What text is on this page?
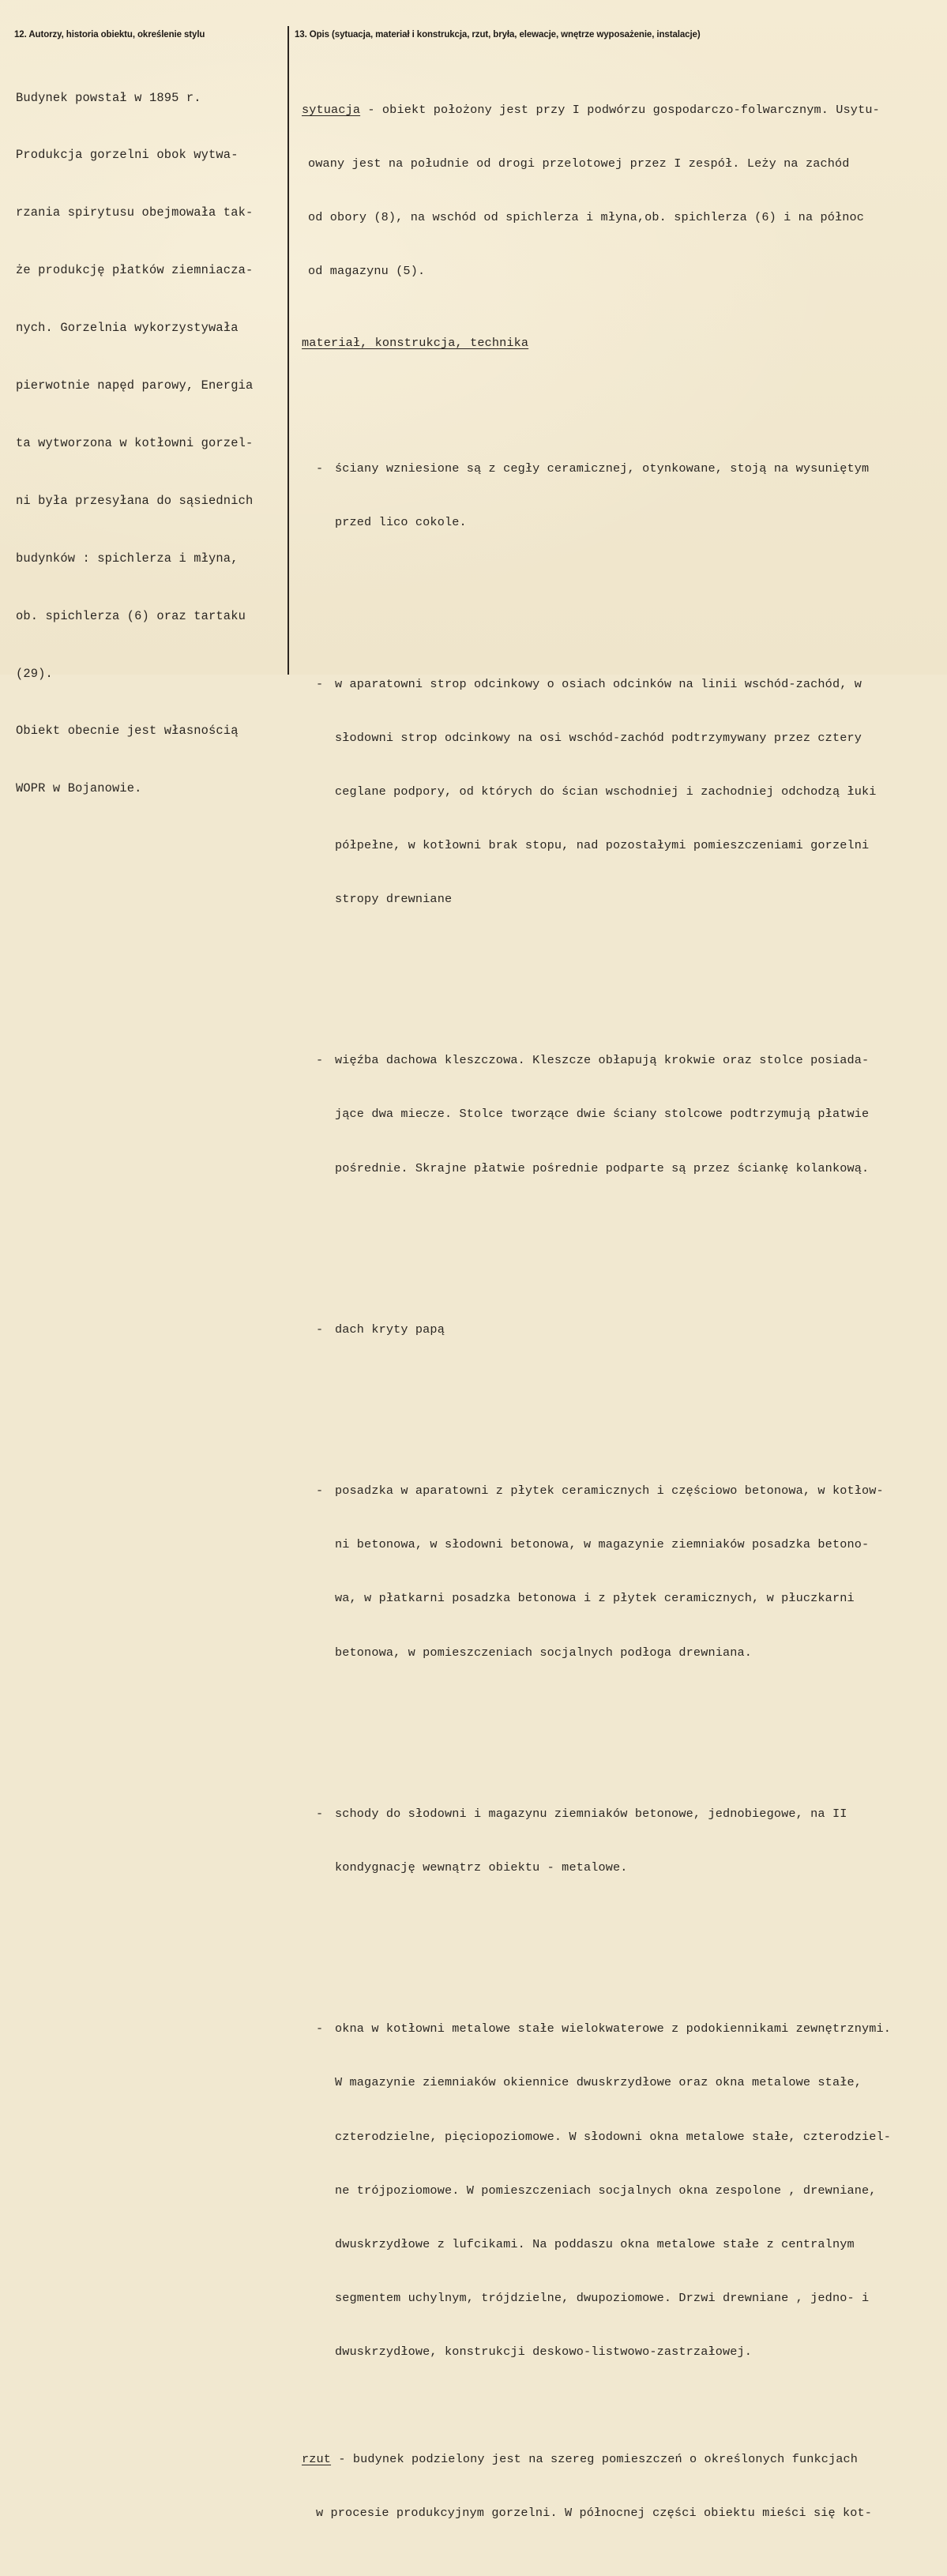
12. Autorzy, historia obiektu, określenie stylu	13. Opis (sytuacja, materiał i konstrukcja, rzut, bryła, elewacje, wnętrze wyposażenie, instalacje)

Budynek powstał w 1895 r.

Produkcja gorzelni obok wytwa-

rzania spirytusu obejmowała tak-

że produkcję płatków ziemniacza-

nych. Gorzelnia wykorzystywała

pierwotnie napęd parowy, Energia

ta wytworzona w kotłowni gorzel-

ni była przesyłana do sąsiednich

budynków : spichlerza i młyna,

ob. spichlerza (6) oraz tartaku

(29).

Obiekt obecnie jest własnością

WOPR w Bojanowie.

sytuacja - obiekt położony jest przy I podwórzu gospodarczo-folwarcznym. Usytu-

owany jest na południe od drogi przelotowej przez I zespół. Leży na zachód

od obory (8), na wschód od spichlerza i młyna,ob. spichlerza (6) i na północ

od magazynu (5).

materiał, konstrukcja, technika

- ściany wzniesione są z cegły ceramicznej, otynkowane, stoją na wysuniętym

przed lico cokole.

- w aparatowni strop odcinkowy o osiach odcinków na linii wschód-zachód, w

słodowni strop odcinkowy na osi wschód-zachód podtrzymywany przez cztery

ceglane podpory, od których do ścian wschodniej i zachodniej odchodzą łuki

półpełne, w kotłowni brak stopu, nad pozostałymi pomieszczeniami gorzelni

stropy drewniane

- więźba dachowa kleszczowa. Kleszcze obłapują krokwie oraz stolce posiada-

jące dwa miecze. Stolce tworzące dwie ściany stolcowe podtrzymują płatwie

pośrednie. Skrajne płatwie pośrednie podparte są przez ściankę kolankową.

- dach kryty papą

- posadzka w aparatowni z płytek ceramicznych i częściowo betonowa, w kotłow-

ni betonowa, w słodowni betonowa, w magazynie ziemniaków posadzka betono-

wa, w płatkarni posadzka betonowa i z płytek ceramicznych, w płuczkarni

betonowa, w pomieszczeniach socjalnych podłoga drewniana.

- schody do słodowni i magazynu ziemniaków betonowe, jednobiegowe, na II

kondygnację wewnątrz obiektu - metalowe.

- okna w kotłowni metalowe stałe wielokwaterowe z podokiennikami zewnętrznymi.

W magazynie ziemniaków okiennice dwuskrzydłowe oraz okna metalowe stałe,

czterodzielne, pięciopoziomowe. W słodowni okna metalowe stałe, czterodziel-

ne trójpoziomowe. W pomieszczeniach socjalnych okna zespolone , drewniane,

dwuskrzydłowe z lufcikami. Na poddaszu okna metalowe stałe z centralnym

segmentem uchylnym, trójdzielne, dwupoziomowe. Drzwi drewniane , jedno- i

dwuskrzydłowe, konstrukcji deskowo-listwowo-zastrzałowej.

rzut - budynek podzielony jest na szereg pomieszczeń o określonych funkcjach

w procesie produkcyjnym gorzelni. W północnej części obiektu mieści się kot-
